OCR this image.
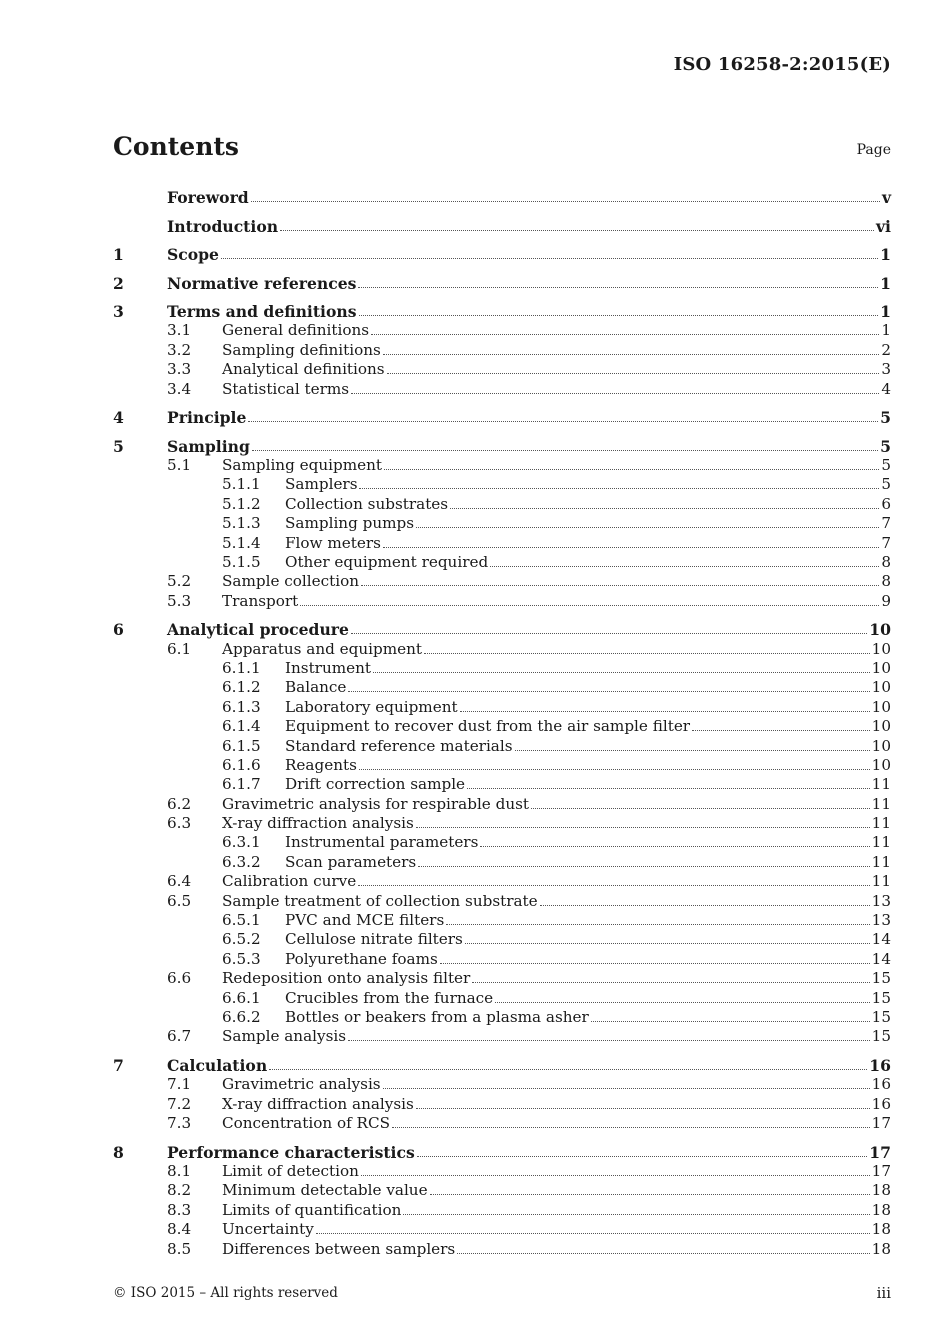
ISO 16258-2:2015(E)
Contents	Page
Foreword	v
Introduction	vi
1	Scope	1
2	Normative references	1
3	Terms and definitions	1
3.1	General definitions	1
3.2	Sampling definitions	2
3.3	Analytical definitions	3
3.4	Statistical terms	4
4	Principle	5
5	Sampling	5
5.1	Sampling equipment	5
5.1.1	Samplers	5
5.1.2	Collection substrates	6
5.1.3	Sampling pumps	7
5.1.4	Flow meters	7
5.1.5	Other equipment required	8
5.2	Sample collection	8
5.3	Transport	9
6	Analytical procedure	10
6.1	Apparatus and equipment	10
6.1.1	Instrument	10
6.1.2	Balance	10
6.1.3	Laboratory equipment	10
6.1.4	Equipment to recover dust from the air sample filter	10
6.1.5	Standard reference materials	10
6.1.6	Reagents	10
6.1.7	Drift correction sample	11
6.2	Gravimetric analysis for respirable dust	11
6.3	X-ray diffraction analysis	11
6.3.1	Instrumental parameters	11
6.3.2	Scan parameters	11
6.4	Calibration curve	11
6.5	Sample treatment of collection substrate	13
6.5.1	PVC and MCE filters	13
6.5.2	Cellulose nitrate filters	14
6.5.3	Polyurethane foams	14
6.6	Redeposition onto analysis filter	15
6.6.1	Crucibles from the furnace	15
6.6.2	Bottles or beakers from a plasma asher	15
6.7	Sample analysis	15
7	Calculation	16
7.1	Gravimetric analysis	16
7.2	X-ray diffraction analysis	16
7.3	Concentration of RCS	17
8	Performance characteristics	17
8.1	Limit of detection	17
8.2	Minimum detectable value	18
8.3	Limits of quantification	18
8.4	Uncertainty	18
8.5	Differences between samplers	18
© ISO 2015 – All rights reserved	iii
